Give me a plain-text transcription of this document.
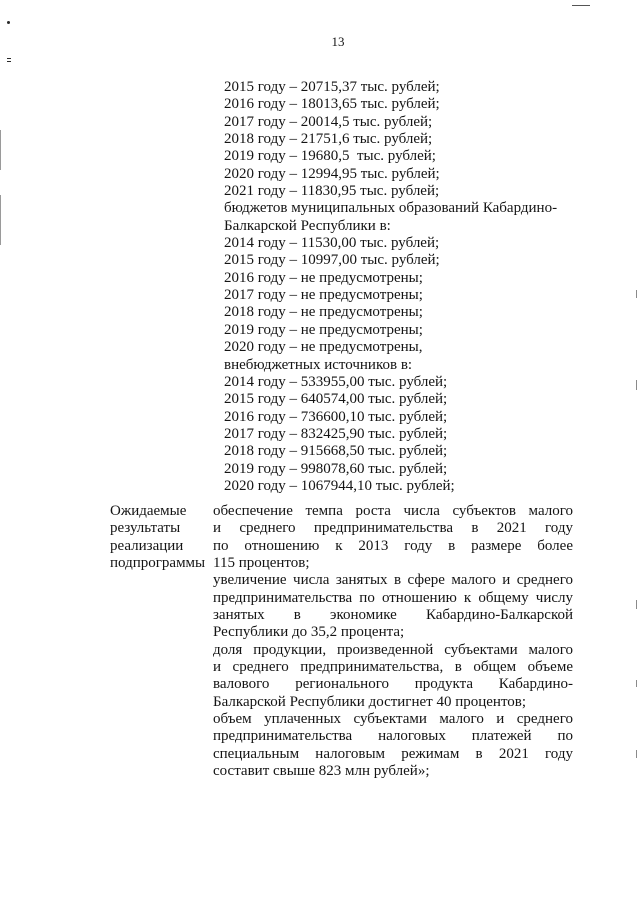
13
2015 году – 20715,37 тыс. рублей;
2016 году – 18013,65 тыс. рублей;
2017 году – 20014,5 тыс. рублей;
2018 году – 21751,6 тыс. рублей;
2019 году – 19680,5  тыс. рублей;
2020 году – 12994,95 тыс. рублей;
2021 году – 11830,95 тыс. рублей;
бюджетов муниципальных образований Кабардино-
Балкарской Республики в:
2014 году – 11530,00 тыс. рублей;
2015 году – 10997,00 тыс. рублей;
2016 году – не предусмотрены;
2017 году – не предусмотрены;
2018 году – не предусмотрены;
2019 году – не предусмотрены;
2020 году – не предусмотрены,
внебюджетных источников в:
2014 году – 533955,00 тыс. рублей;
2015 году – 640574,00 тыс. рублей;
2016 году – 736600,10 тыс. рублей;
2017 году – 832425,90 тыс. рублей;
2018 году – 915668,50 тыс. рублей;
2019 году – 998078,60 тыс. рублей;
2020 году – 1067944,10 тыс. рублей;
Ожидаемые
результаты
реализации
подпрограммы
обеспечение темпа роста числа субъектов малого
и среднего предпринимательства в 2021 году
по отношению к 2013 году в размере более
115 процентов;
увеличение числа занятых в сфере малого и среднего
предпринимательства по отношению к общему числу
занятых в экономике Кабардино-Балкарской
Республики до 35,2 процента;
доля продукции, произведенной субъектами малого
и среднего предпринимательства, в общем объеме
валового регионального продукта Кабардино-
Балкарской Республики достигнет 40 процентов;
объем уплаченных субъектами малого и среднего
предпринимательства налоговых платежей по
специальным налоговым режимам в 2021 году
составит свыше 823 млн рублей»;
